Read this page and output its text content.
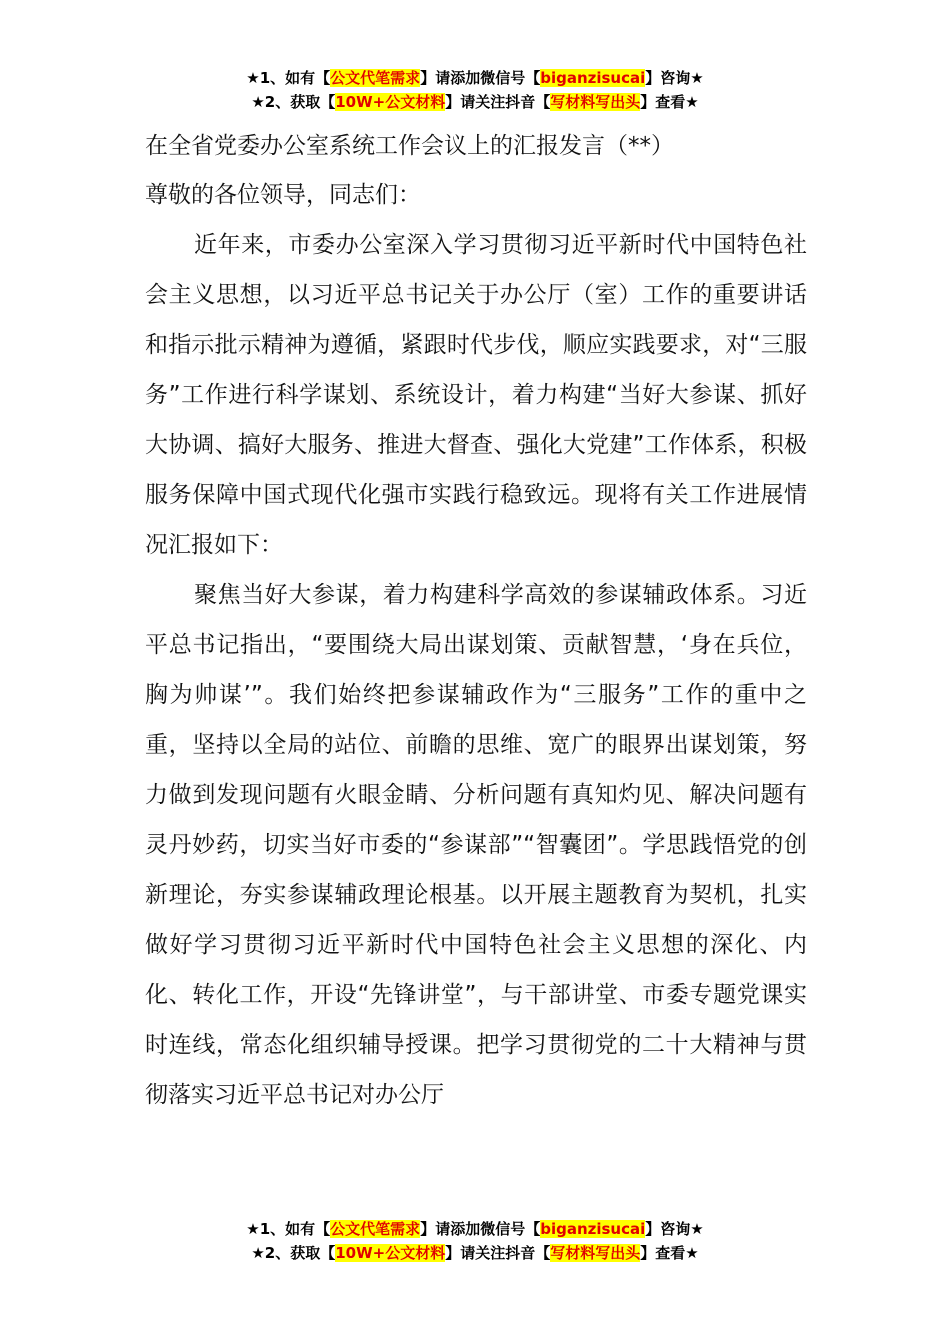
★1、如有【公文代笔需求】请添加微信号【biganzisucai】咨询★
★2、获取【10W+公文材料】请关注抖音【写材料写出头】查看★
在全省党委办公室系统工作会议上的汇报发言（**）
尊敬的各位领导，同志们：
近年来，市委办公室深入学习贯彻习近平新时代中国特色社会主义思想，以习近平总书记关于办公厅（室）工作的重要讲话和指示批示精神为遵循，紧跟时代步伐，顺应实践要求，对“三服务”工作进行科学谋划、系统设计，着力构建“当好大参谋、抓好大协调、搞好大服务、推进大督查、强化大党建”工作体系，积极服务保障中国式现代化强市实践行稳致远。现将有关工作进展情况汇报如下：
聚焦当好大参谋，着力构建科学高效的参谋辅政体系。习近平总书记指出，“要围绕大局出谋划策、贡献智慧，‘身在兵位，胸为帅谋’”。我们始终把参谋辅政作为“三服务”工作的重中之重，坚持以全局的站位、前瞻的思维、宽广的眼界出谋划策，努力做到发现问题有火眼金睛、分析问题有真知灼见、解决问题有灵丹妙药，切实当好市委的“参谋部”“智囊团”。学思践悟党的创新理论，夯实参谋辅政理论根基。以开展主题教育为契机，扎实做好学习贯彻习近平新时代中国特色社会主义思想的深化、内化、转化工作，开设“先锋讲堂”，与干部讲堂、市委专题党课实时连线，常态化组织辅导授课。把学习贯彻党的二十大精神与贯彻落实习近平总书记对办公厅
★1、如有【公文代笔需求】请添加微信号【biganzisucai】咨询★
★2、获取【10W+公文材料】请关注抖音【写材料写出头】查看★
